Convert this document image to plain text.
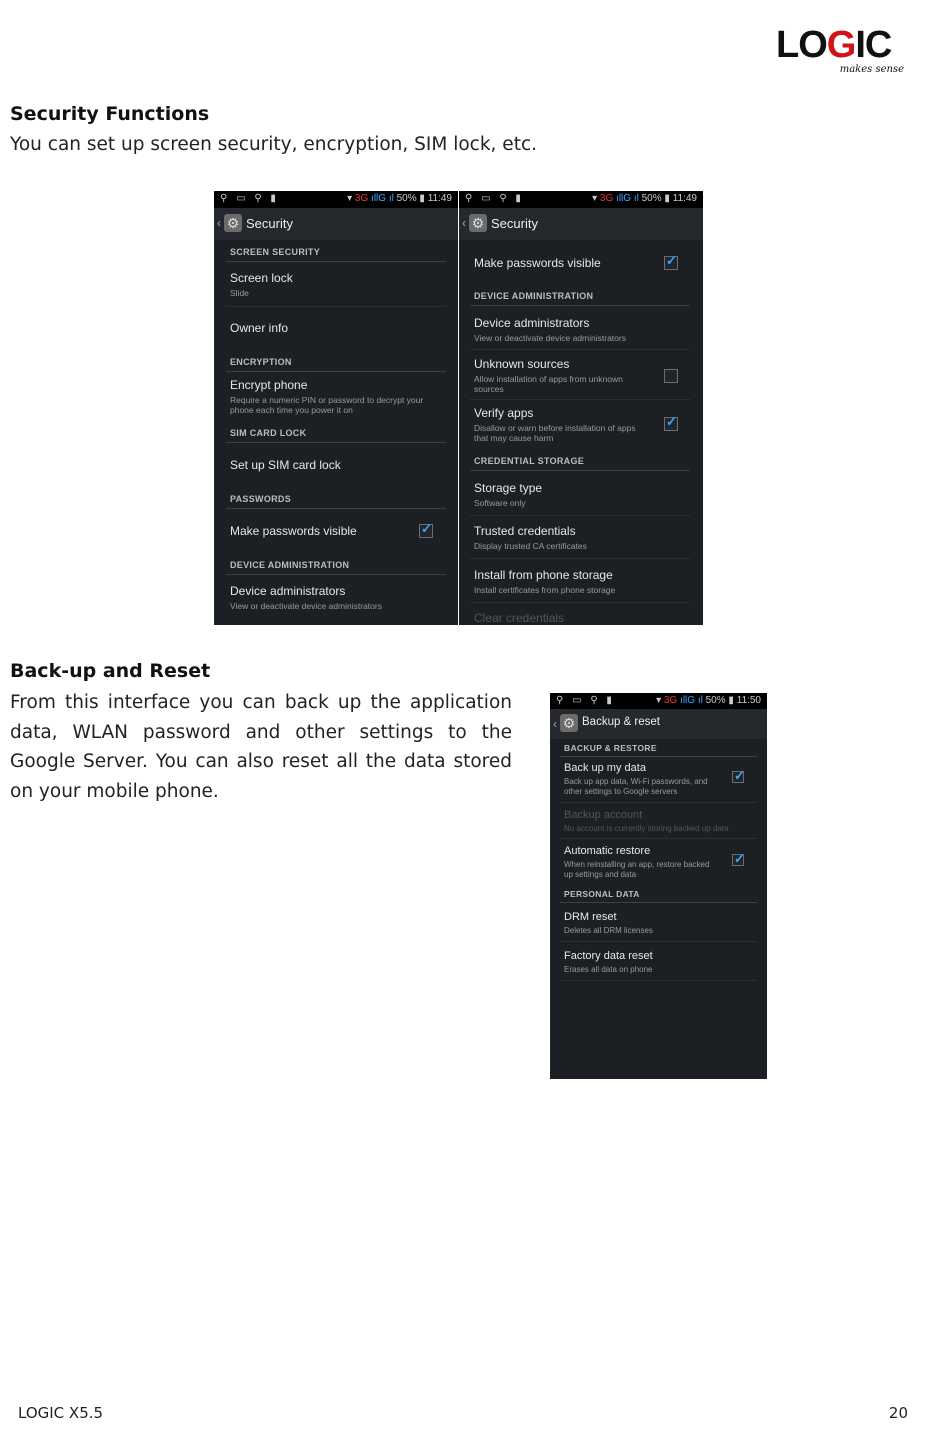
LOGIC
makes sense
Security Functions
You can set up screen security, encryption, SIM lock, etc.
⚲ ▭ ⚲ ▮	▾ 3G ıllG ıl 50% ▮ 11:49
‹ ⚙ Security
SCREEN SECURITY
Screen lock
Slide
Owner info
ENCRYPTION
Encrypt phone
Require a numeric PIN or password to decrypt your phone each time you power it on
SIM CARD LOCK
Set up SIM card lock
PASSWORDS
Make passwords visible
✓
DEVICE ADMINISTRATION
Device administrators
View or deactivate device administrators
⚲ ▭ ⚲ ▮	▾ 3G ıllG ıl 50% ▮ 11:49
‹ ⚙ Security
Make passwords visible
✓
DEVICE ADMINISTRATION
Device administrators
View or deactivate device administrators
Unknown sources
Allow installation of apps from unknown sources
Verify apps
Disallow or warn before installation of apps that may cause harm
✓
CREDENTIAL STORAGE
Storage type
Software only
Trusted credentials
Display trusted CA certificates
Install from phone storage
Install certificates from phone storage
Clear credentials
Back-up and Reset
From this interface you can back up the application data, WLAN password and other settings to the Google Server. You can also reset all the data stored on your mobile phone.
⚲ ▭ ⚲ ▮	▾ 3G ıllG ıl 50% ▮ 11:50
‹ ⚙ Backup & reset
BACKUP & RESTORE
Back up my data
Back up app data, Wi-Fi passwords, and other settings to Google servers
✓
Backup account
No account is currently storing backed up data
Automatic restore
When reinstalling an app, restore backed up settings and data
✓
PERSONAL DATA
DRM reset
Deletes all DRM licenses
Factory data reset
Erases all data on phone
LOGIC X5.5	20
